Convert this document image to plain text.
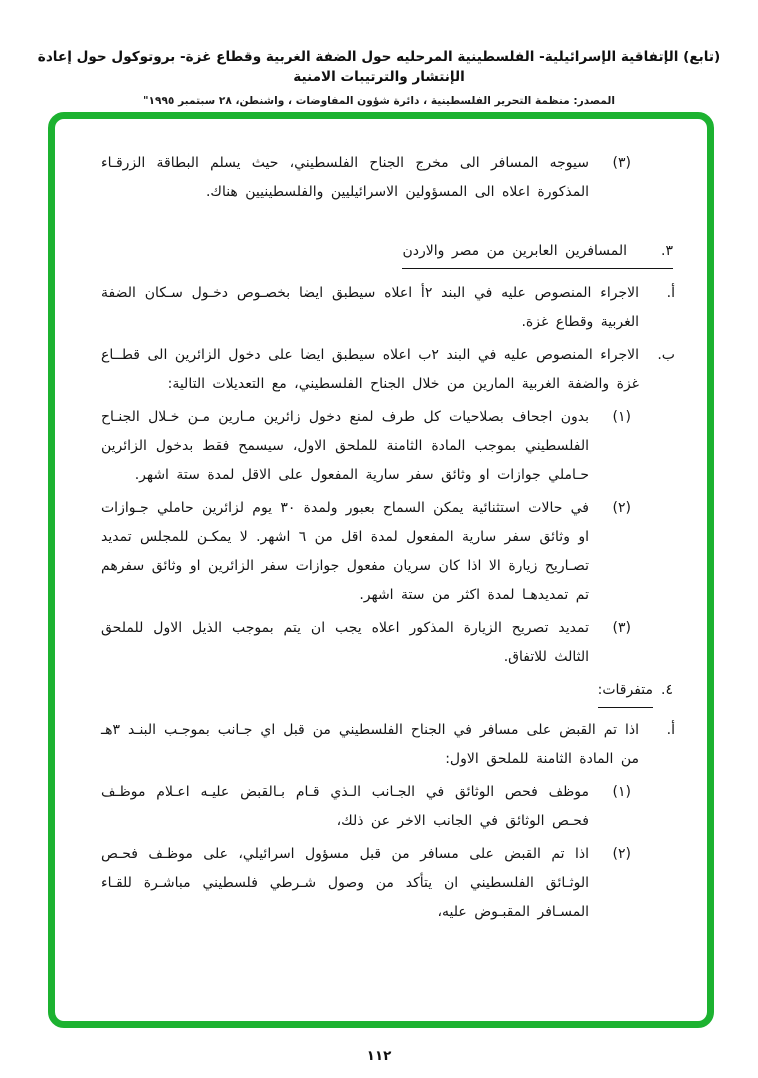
(تابع) الإتفاقية الإسرائيلية- الفلسطينية المرحليه حول الضفة الغربية وقطاع غزة- بروتوكول حول إعادة الإنتشار والترتيبات الامنية
المصدر: منظمة التحرير الفلسطينية ، دائرة شؤون المفاوضات ، واشنطن، ٢٨ سبتمبر ١٩٩٥"
(٣)
سيوجه المسافر الى مخرج الجناح الفلسطيني، حيث يسلم البطاقة الزرقـاء المذكورة اعلاه الى المسؤولين الاسرائيليين والفلسطينيين هناك.
٣.المسافرين العابرين من مصر والاردن
أ.
الاجراء المنصوص عليه في البند ٢أ اعلاه سيطبق ايضا بخصـوص دخـول سـكان الضفة الغربية وقطاع غزة.
ب.
الاجراء المنصوص عليه في البند ٢ب اعلاه سيطبق ايضا على دخول الزائرين الى قطــاع غزة والضفة الغربية المارين من خلال الجناح الفلسطيني، مع التعديلات التالية:
(١)
بدون اجحاف بصلاحيات كل طرف لمنع دخول زائرين مـارين مـن خـلال الجنـاح الفلسطيني بموجب المادة الثامنة للملحق الاول، سيسمح فقط بدخول الزائرين حـاملي جوازات او وثائق سفر سارية المفعول على الاقل لمدة ستة اشهر.
(٢)
في حالات استثنائية يمكن السماح بعبور ولمدة ٣٠ يوم لزائرين حاملي جـوازات او وثائق سفر سارية المفعول لمدة اقل من ٦ اشهر. لا يمكـن للمجلس تمديد تصـاريح زيارة الا اذا كان سريان مفعول جوازات سفر الزائرين او وثائق سفرهم تم تمديدهـا لمدة اكثر من ستة اشهر.
(٣)
تمديد تصريح الزيارة المذكور اعلاه يجب ان يتم بموجب الذيل الاول للملحق الثالث للاتفاق.
٤.متفرقات:
أ.
اذا تم القبض على مسافر في الجناح الفلسطيني من قبل اي جـانب بموجـب البنـد ٣هـ من المادة الثامنة للملحق الاول:
(١)
موظف فحص الوثائق في الجـانب الـذي قـام بـالقبض عليـه اعـلام موظـف فحـص الوثائق في الجانب الاخر عن ذلك،
(٢)
اذا تم القبض على مسافر من قبل مسؤول اسرائيلي، على موظـف فحـص الوثـائق الفلسطيني ان يتأكد من وصول شـرطي فلسطيني مباشـرة للقـاء المسـافر المقبـوض عليه،
١١٢
